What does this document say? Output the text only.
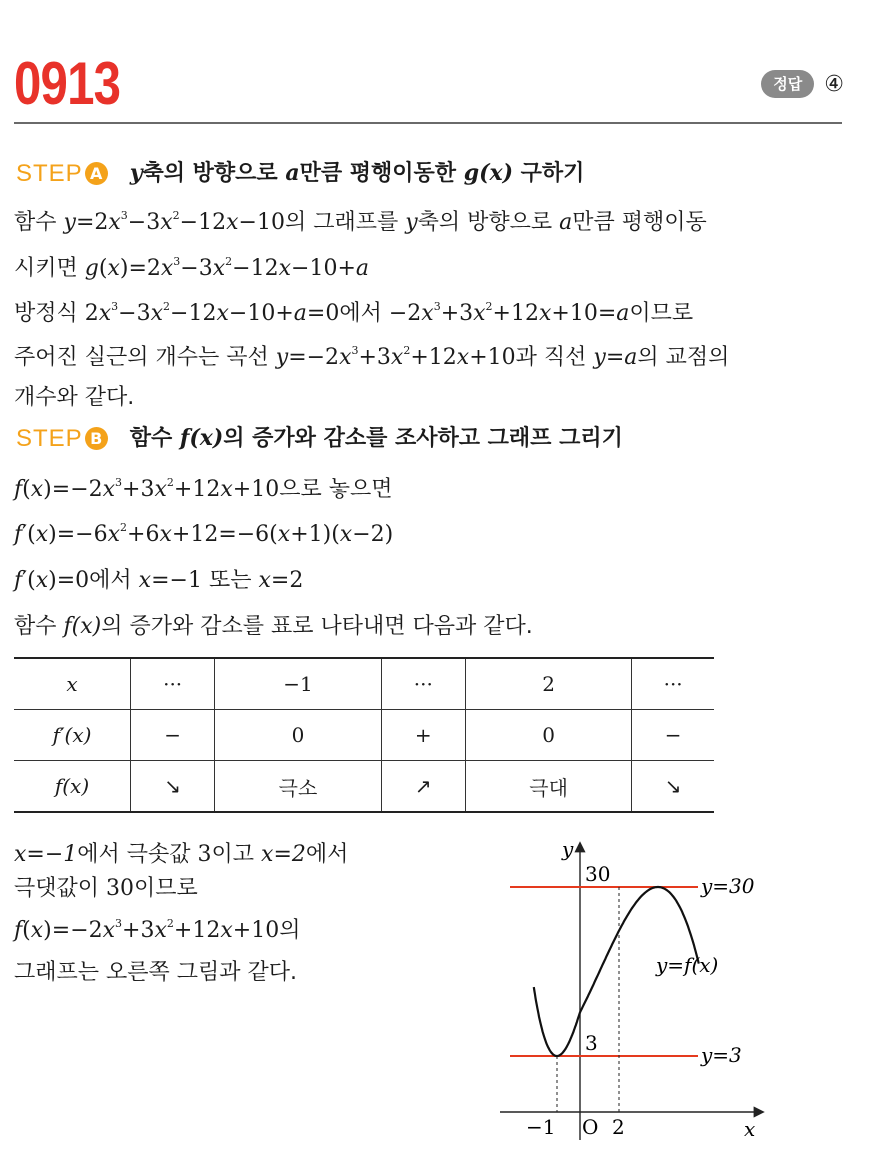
0913	정답	④
STEP A y축의 방향으로 a만큼 평행이동한 g(x) 구하기
함수 $y=2x^3-3x^2-12x-10$의 그래프를 y축의 방향으로 a만큼 평행이동
시키면 $g(x)=2x^3-3x^2-12x-10+a$
방정식 $2x^3-3x^2-12x-10+a=0$에서 $-2x^3+3x^2+12x+10=a$이므로
주어진 실근의 개수는 곡선 $y=-2x^3+3x^2+12x+10$과 직선 y=a의 교점의
개수와 같다.
STEP B 함수 f(x)의 증가와 감소를 조사하고 그래프 그리기
$f(x)=-2x^3+3x^2+12x+10$으로 놓으면
$f'(x)=-6x^2+6x+12=-6(x+1)(x-2)$
f′(x)=0에서 x=−1 또는 x=2
함수 f(x)의 증가와 감소를 표로 나타내면 다음과 같다.
x	···	−1	···	2	···
f′(x)	−	0	+	0	−
f(x)	↘	극소	↗	극대	↘
x=−1에서 극솟값 3이고 x=2에서
극댓값이 30이므로
$f(x)=-2x^3+3x^2+12x+10$의
그래프는 오른쪽 그림과 같다.
y
x
O
−1	2
30
3
y=30
y=3
y=f(x)
